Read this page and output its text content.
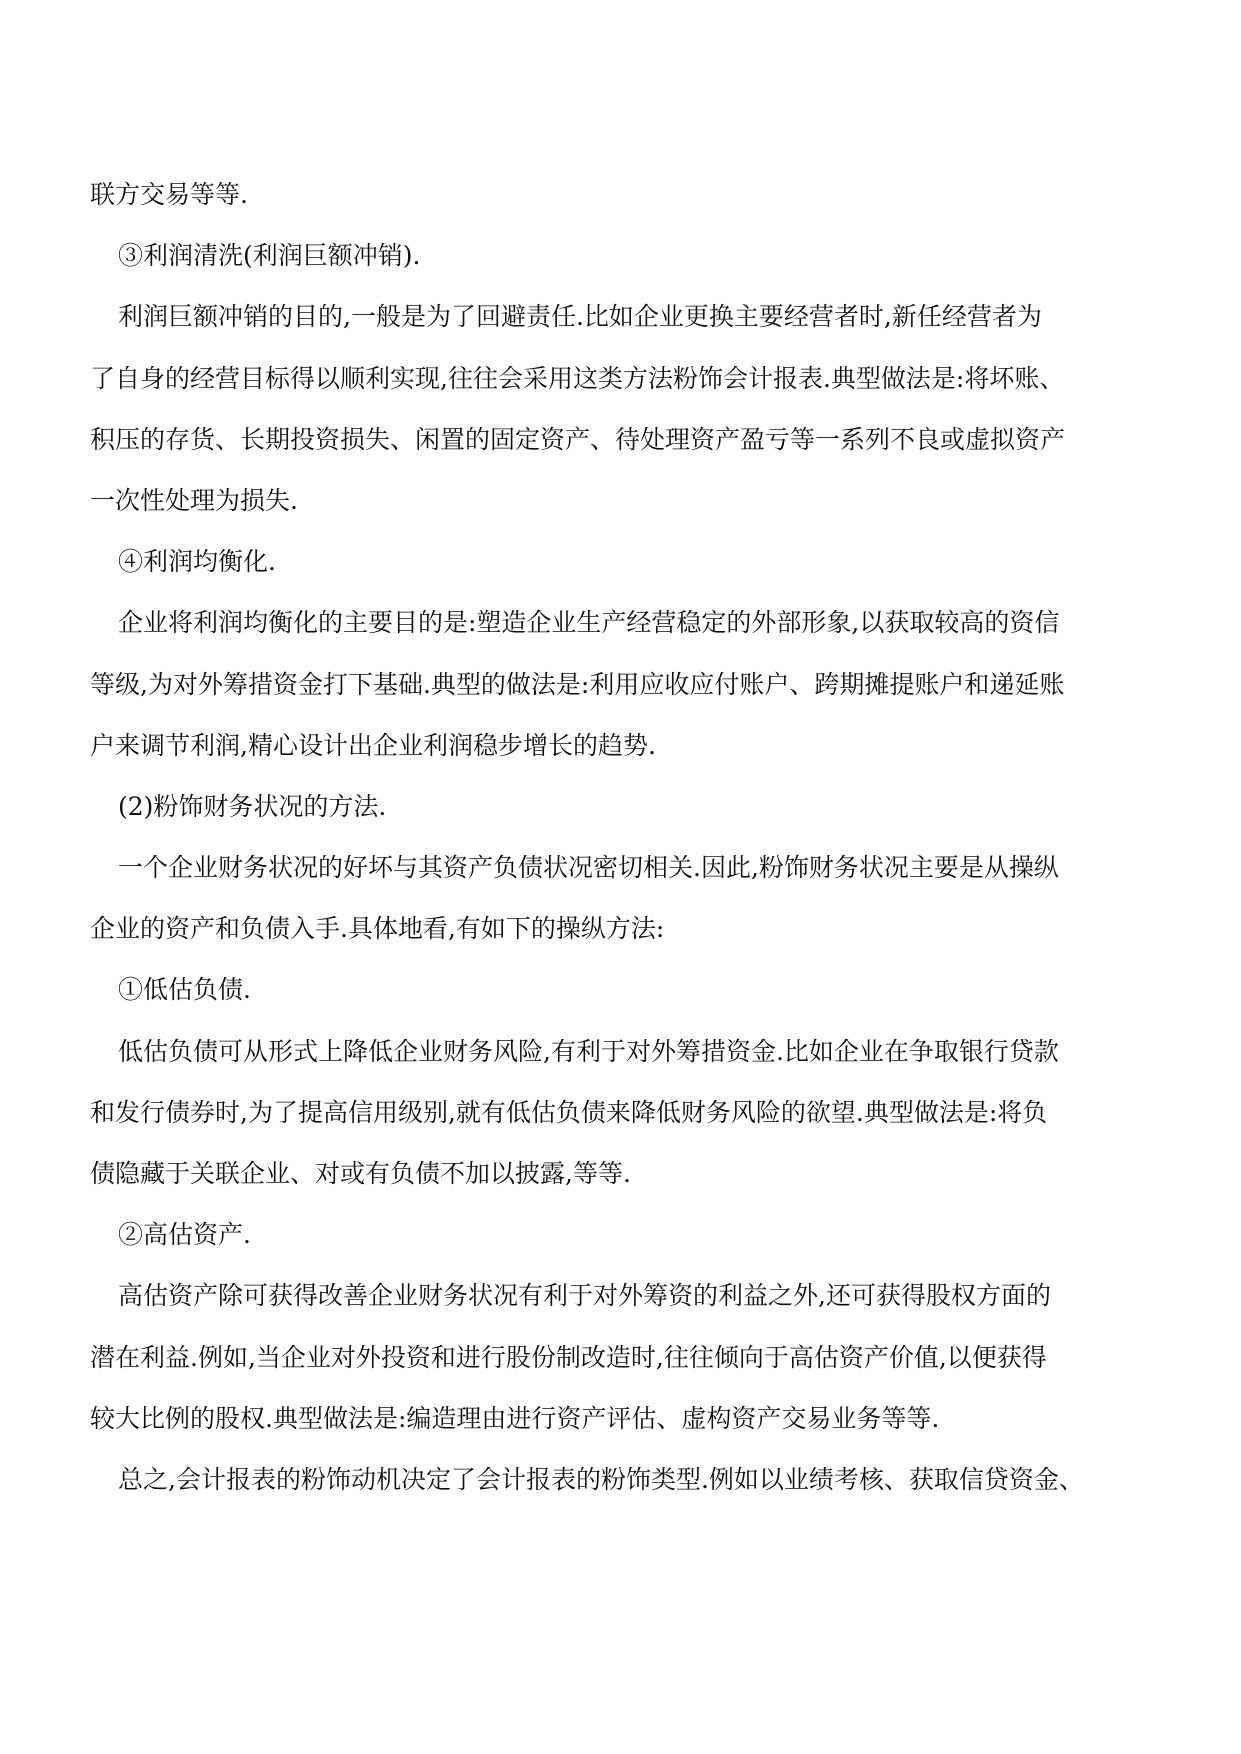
联方交易等等.
③利润清洗(利润巨额冲销).
利润巨额冲销的目的,一般是为了回避责任.比如企业更换主要经营者时,新任经营者为
了自身的经营目标得以顺利实现,往往会采用这类方法粉饰会计报表.典型做法是:将坏账、
积压的存货、长期投资损失、闲置的固定资产、待处理资产盈亏等一系列不良或虚拟资产
一次性处理为损失.
④利润均衡化.
企业将利润均衡化的主要目的是:塑造企业生产经营稳定的外部形象,以获取较高的资信
等级,为对外筹措资金打下基础.典型的做法是:利用应收应付账户、跨期摊提账户和递延账
户来调节利润,精心设计出企业利润稳步增长的趋势.
(2)粉饰财务状况的方法.
一个企业财务状况的好坏与其资产负债状况密切相关.因此,粉饰财务状况主要是从操纵
企业的资产和负债入手.具体地看,有如下的操纵方法:
①低估负债.
低估负债可从形式上降低企业财务风险,有利于对外筹措资金.比如企业在争取银行贷款
和发行债券时,为了提高信用级别,就有低估负债来降低财务风险的欲望.典型做法是:将负
债隐藏于关联企业、对或有负债不加以披露,等等.
②高估资产.
高估资产除可获得改善企业财务状况有利于对外筹资的利益之外,还可获得股权方面的
潜在利益.例如,当企业对外投资和进行股份制改造时,往往倾向于高估资产价值,以便获得
较大比例的股权.典型做法是:编造理由进行资产评估、虚构资产交易业务等等.
总之,会计报表的粉饰动机决定了会计报表的粉饰类型.例如以业绩考核、获取信贷资金、
